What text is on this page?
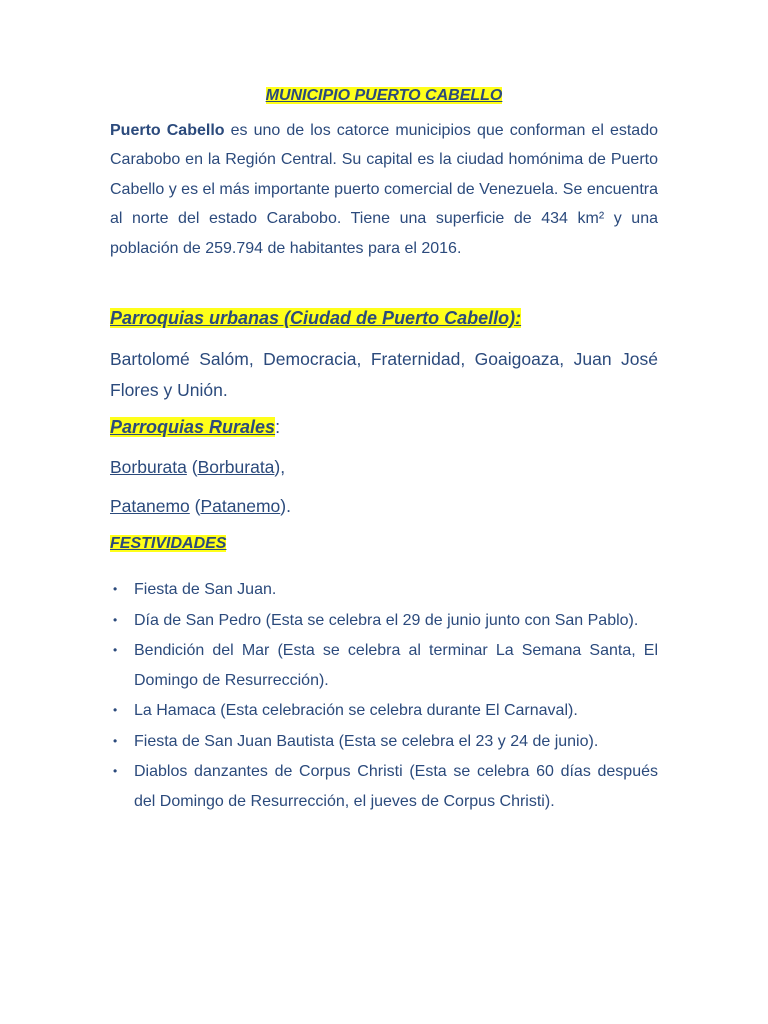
MUNICIPIO PUERTO CABELLO

Puerto Cabello es uno de los catorce municipios que conforman el estado Carabobo en la Región Central. Su capital es la ciudad homónima de Puerto Cabello y es el más importante puerto comercial de Venezuela. Se encuentra al norte del estado Carabobo. Tiene una superficie de 434 km² y una población de 259.794 de habitantes para el 2016.

Parroquias urbanas (Ciudad de Puerto Cabello):

Bartolomé Salóm, Democracia, Fraternidad, Goaigoaza, Juan José Flores y Unión.

Parroquias Rurales:
Borburata (Borburata),
Patanemo (Patanemo).
FESTIVIDADES
• Fiesta de San Juan.
• Día de San Pedro (Esta se celebra el 29 de junio junto con San Pablo).
• Bendición del Mar (Esta se celebra al terminar La Semana Santa, El Domingo de Resurrección).
• La Hamaca (Esta celebración se celebra durante El Carnaval).
• Fiesta de San Juan Bautista (Esta se celebra el 23 y 24 de junio).
• Diablos danzantes de Corpus Christi (Esta se celebra 60 días después del Domingo de Resurrección, el jueves de Corpus Christi).
